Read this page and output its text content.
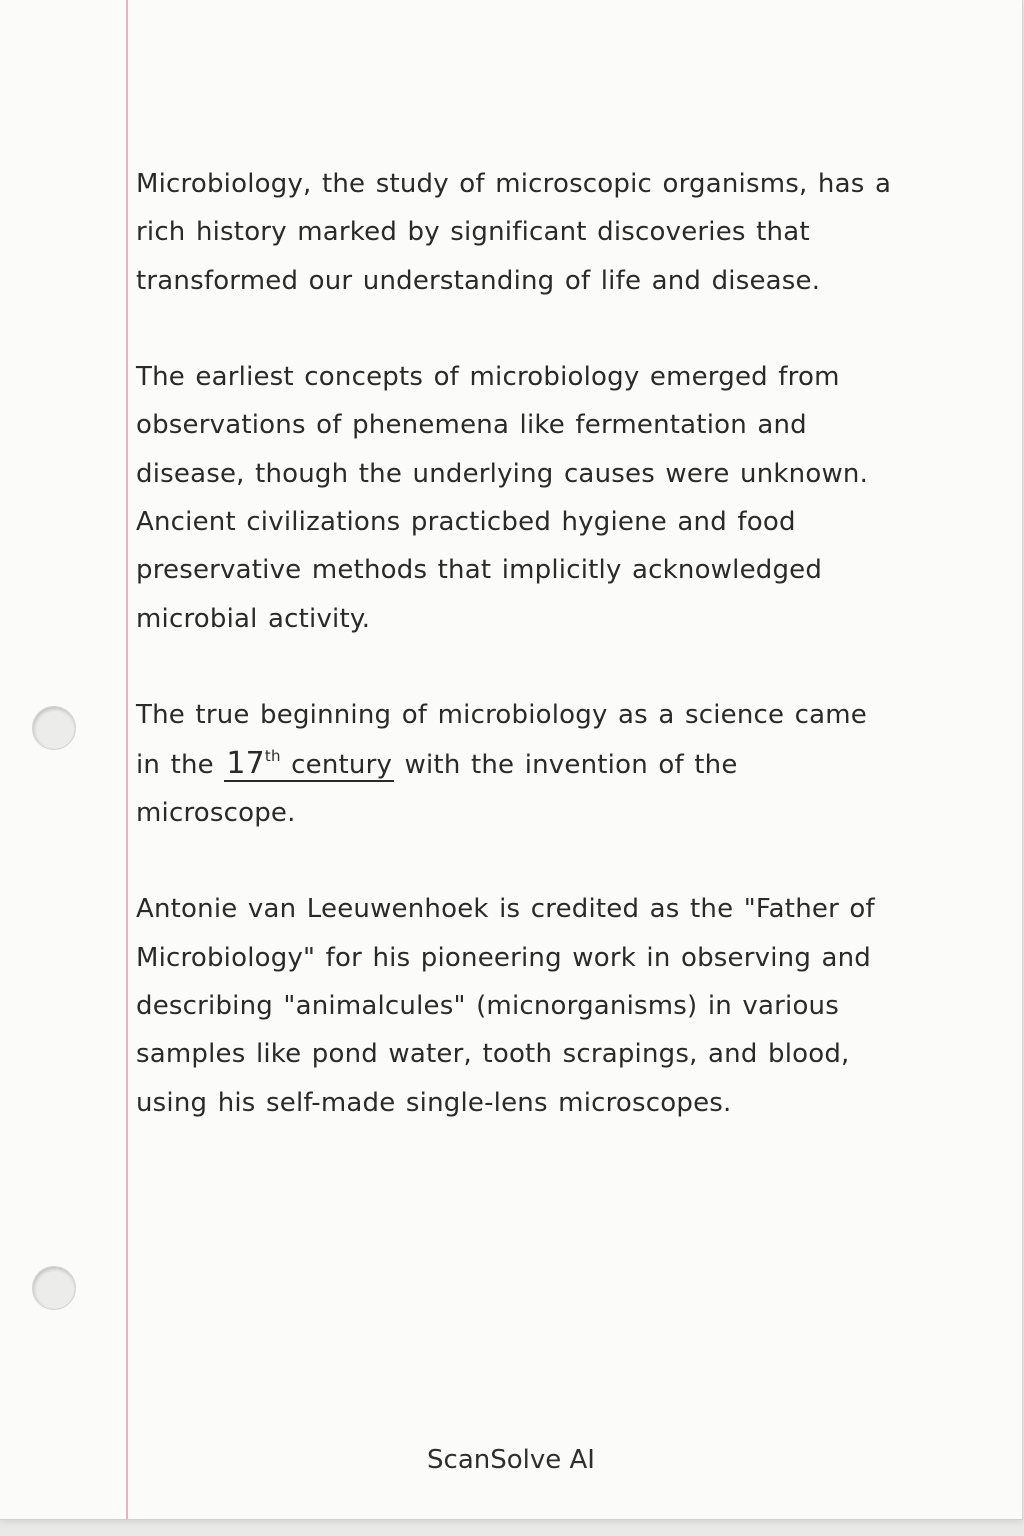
Microbiology, the study of microscopic organisms, has a rich history marked by significant discoveries that transformed our understanding of life and disease.

The earliest concepts of microbiology emerged from observations of phenemena like fermentation and disease, though the underlying causes were unknown. Ancient civilizations practicbed hygiene and food preservative methods that implicitly acknowledged microbial activity.

The true beginning of microbiology as a science came in the 17th century with the invention of the microscope.

Antonie van Leeuwenhoek is credited as the "Father of Microbiology" for his pioneering work in observing and describing "animalcules" (micnorganisms) in various samples like pond water, tooth scrapings, and blood, using his self-made single-lens microscopes.

ScanSolve AI
